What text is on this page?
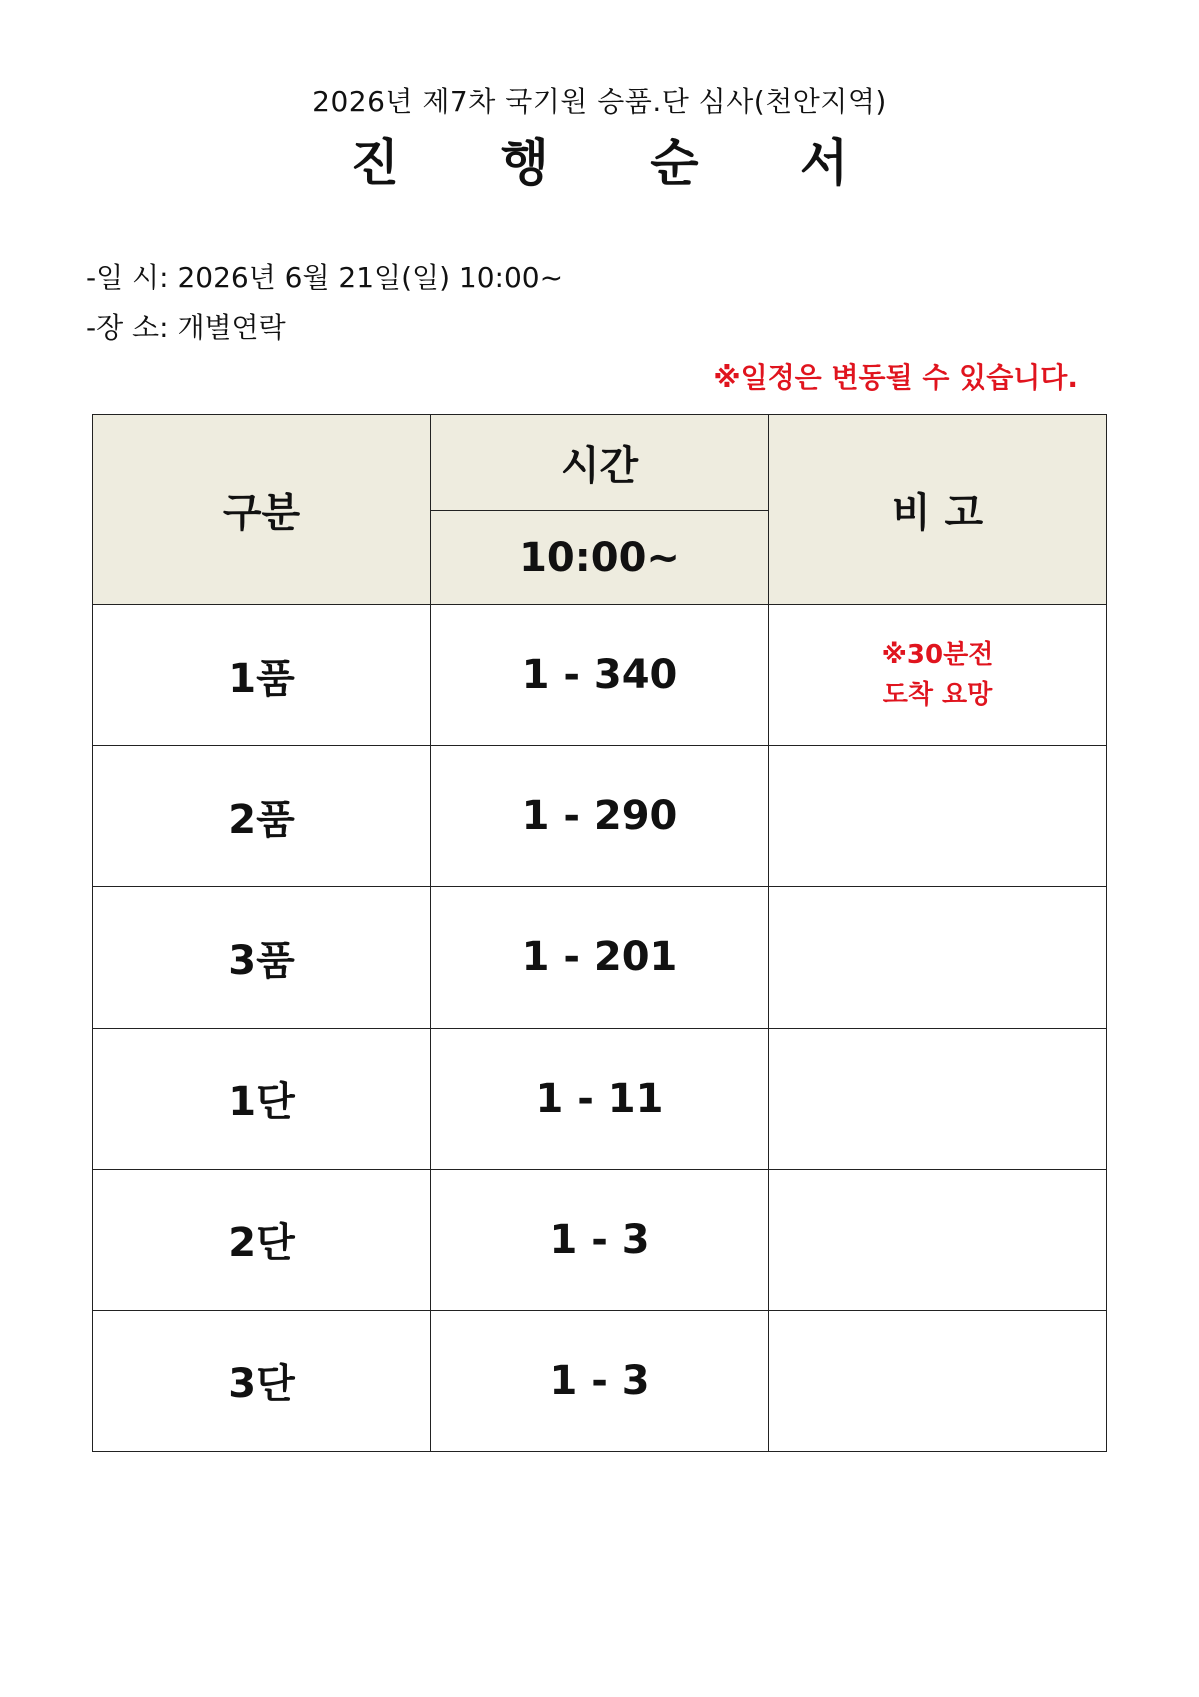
2026년 제7차 국기원 승품.단 심사(천안지역)
진 행 순 서
-일 시: 2026년 6월 21일(일) 10:00~
-장 소: 개별연락
※일정은 변동될 수 있습니다.
구분	시간	비 고
	10:00~	
1품	1 - 340	※30분전
도착 요망

2품	1 - 290	
3품	1 - 201	
1단	1 - 11	
2단	1 - 3	
3단	1 - 3	
